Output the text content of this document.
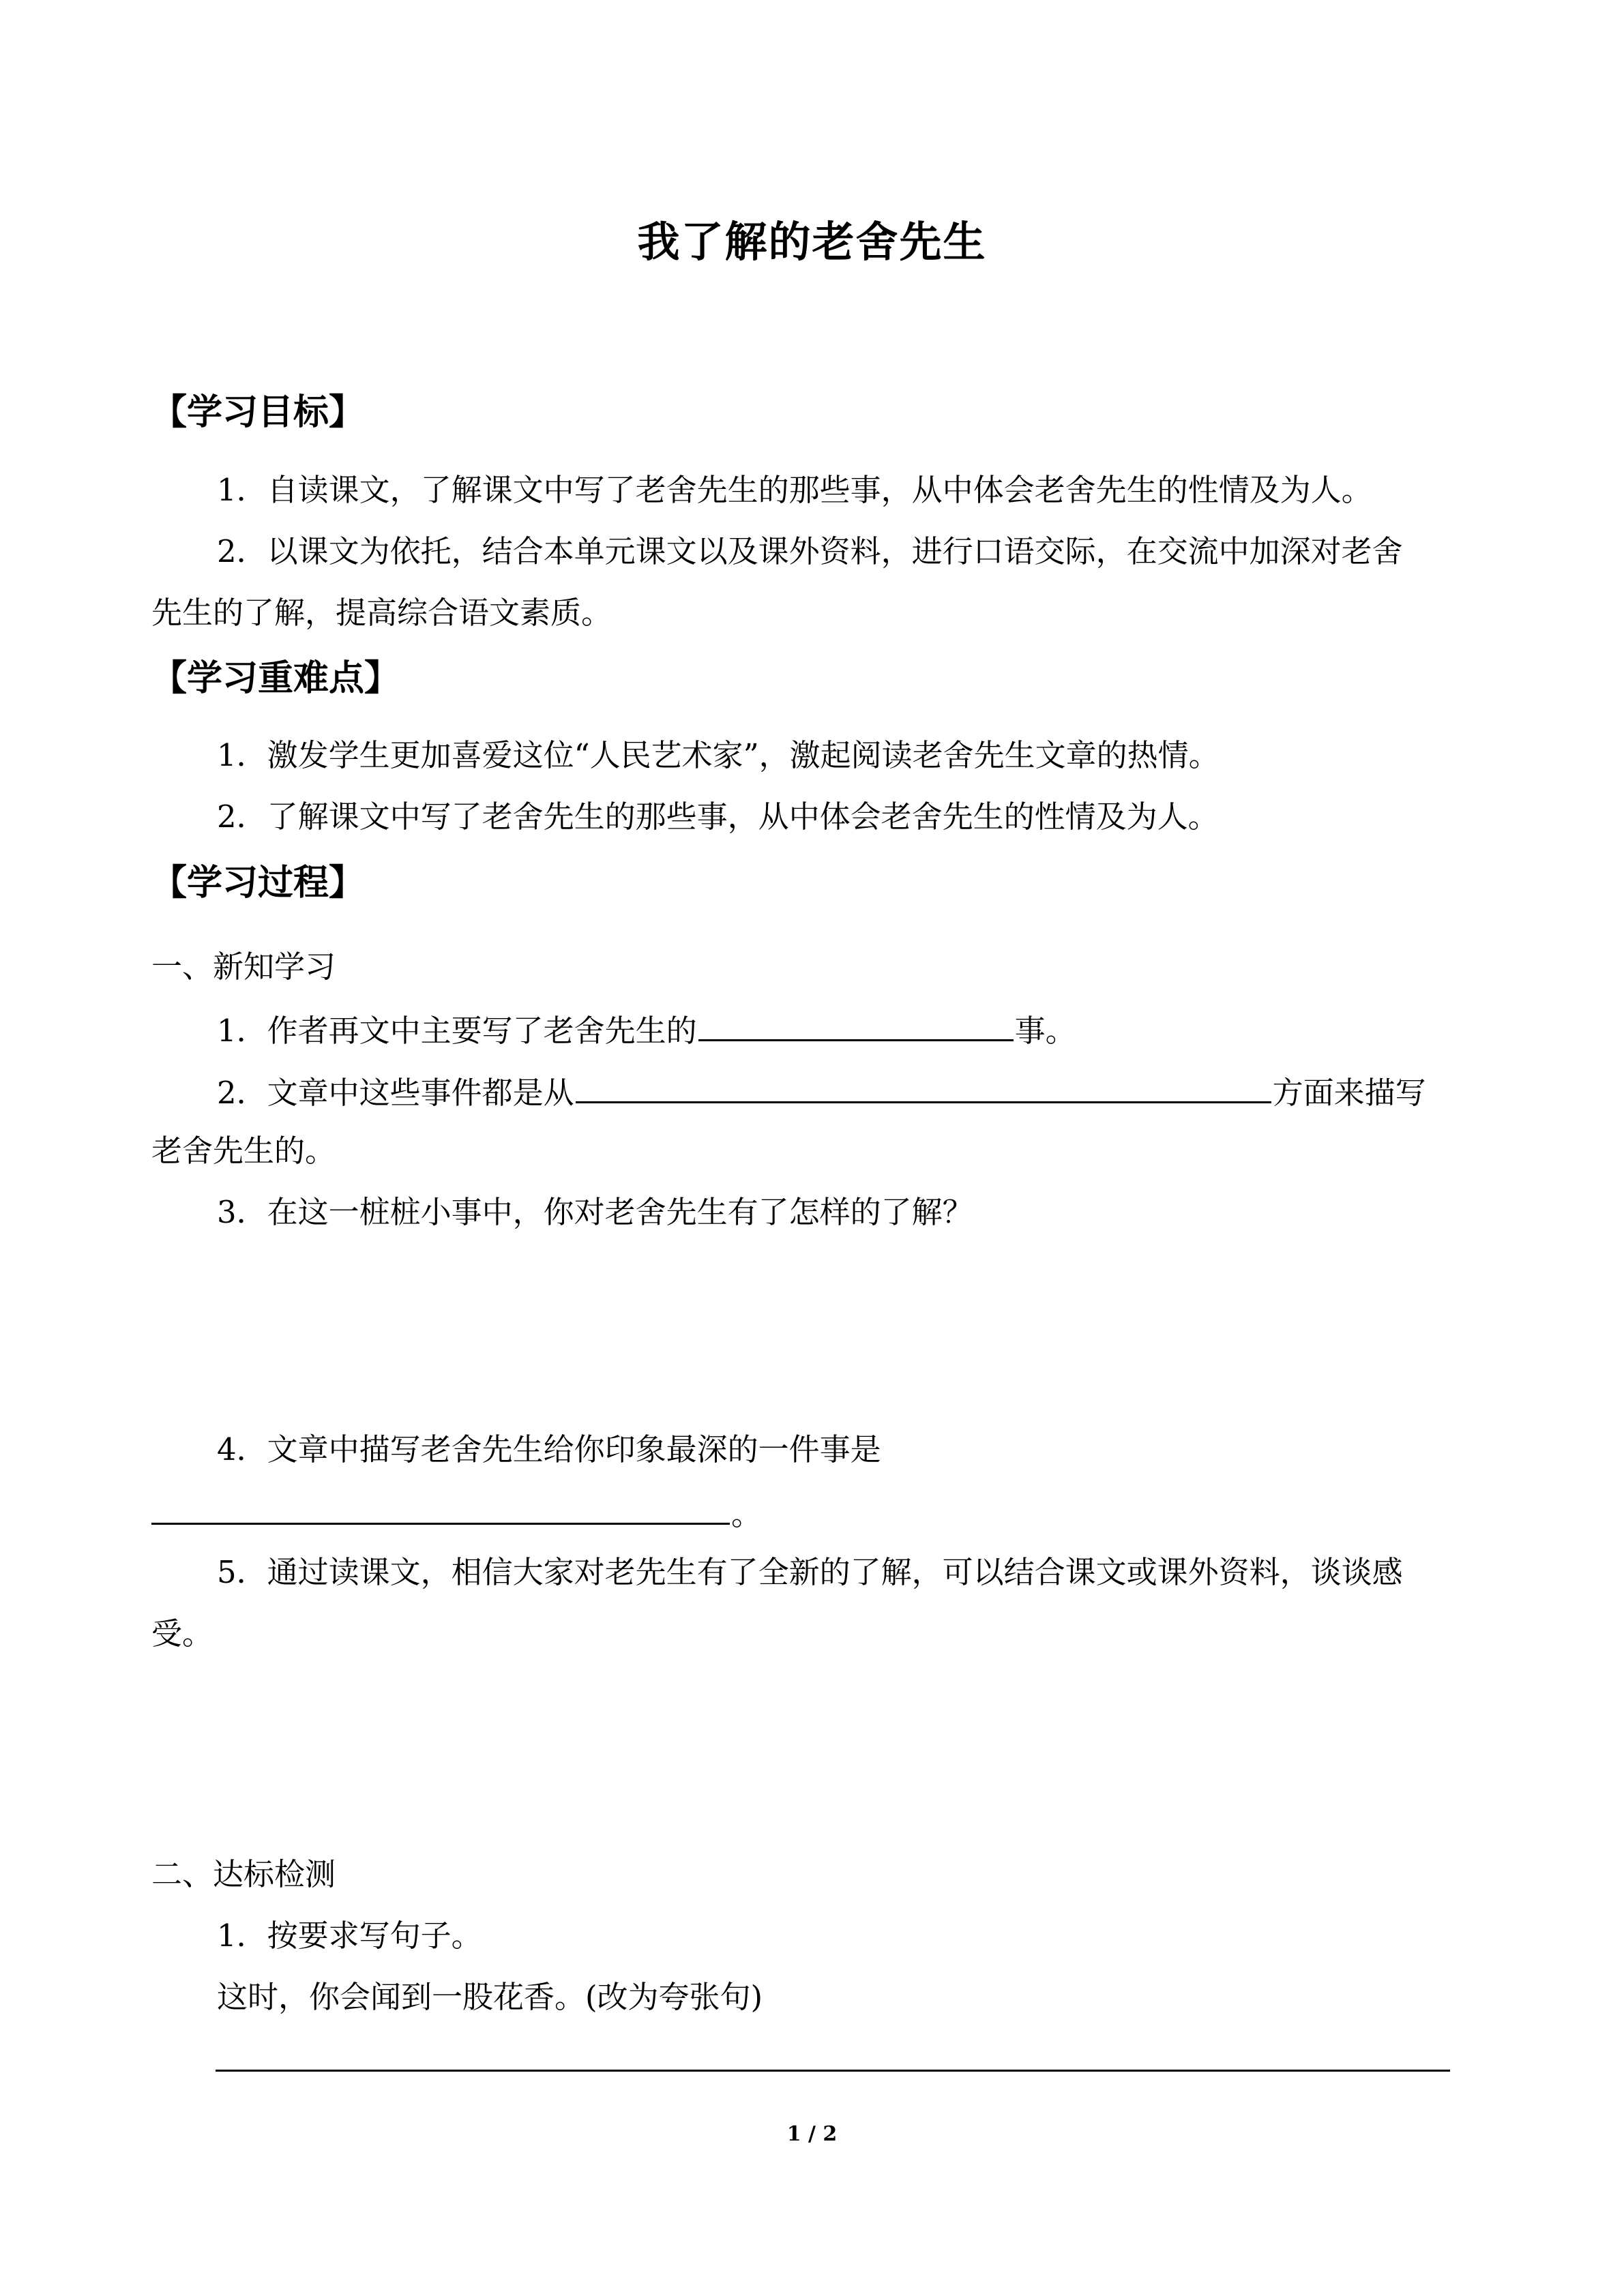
我了解的老舍先生
【学习目标】
1．自读课文，了解课文中写了老舍先生的那些事，从中体会老舍先生的性情及为人。
2．以课文为依托，结合本单元课文以及课外资料，进行口语交际，在交流中加深对老舍
先生的了解，提高综合语文素质。
【学习重难点】
1．激发学生更加喜爱这位“人民艺术家”，激起阅读老舍先生文章的热情。
2．了解课文中写了老舍先生的那些事，从中体会老舍先生的性情及为人。
【学习过程】
一、新知学习
1．作者再文中主要写了老舍先生的	事。
2．文章中这些事件都是从	方面来描写
老舍先生的。
3．在这一桩桩小事中，你对老舍先生有了怎样的了解？
4．文章中描写老舍先生给你印象最深的一件事是
。
5．通过读课文，相信大家对老先生有了全新的了解，可以结合课文或课外资料，谈谈感
受。
二、达标检测
1．按要求写句子。
这时，你会闻到一股花香。(改为夸张句)
1 / 2
